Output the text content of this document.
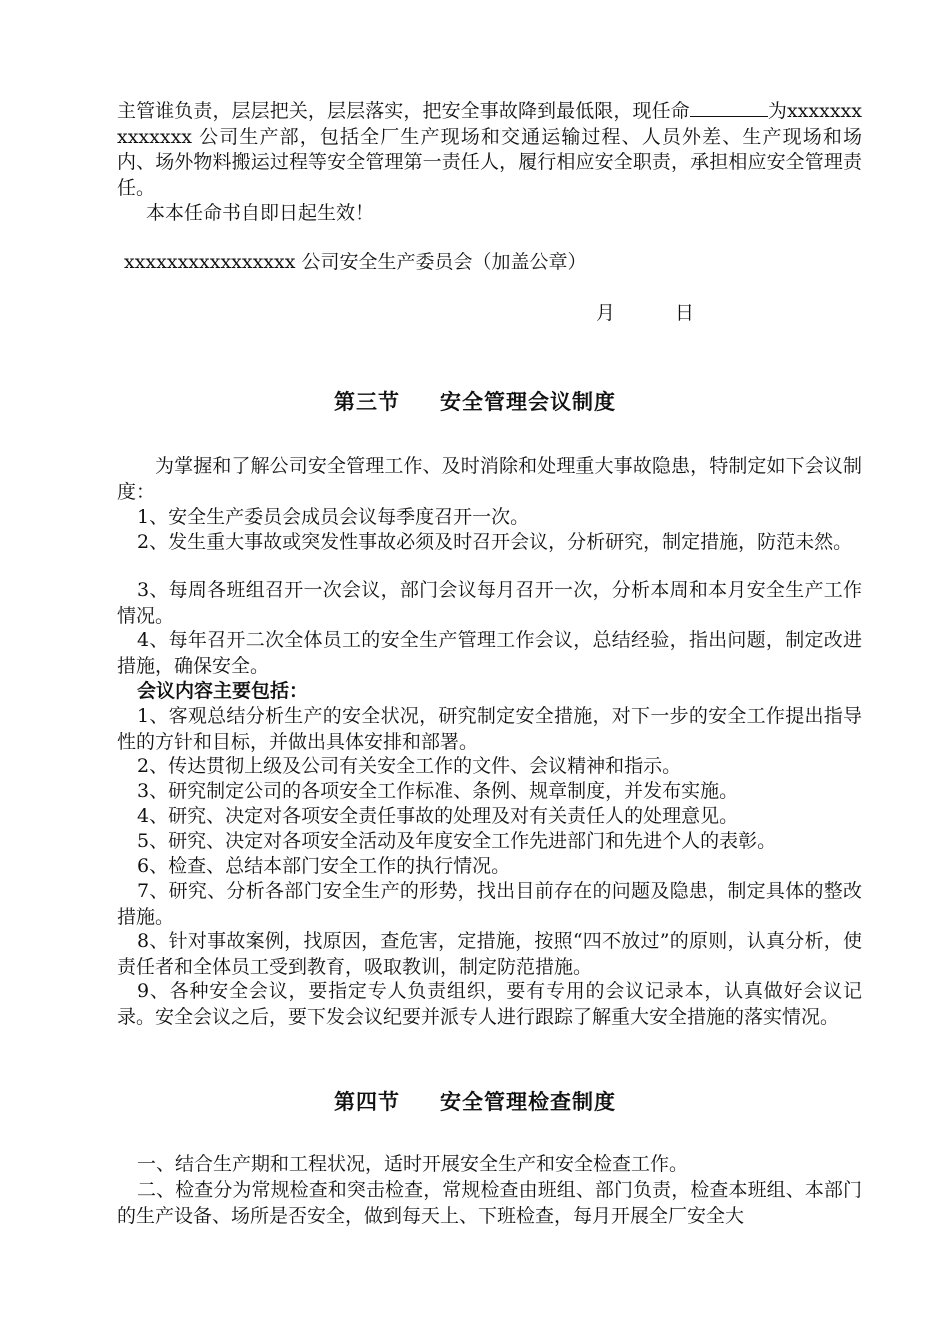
主管谁负责，层层把关，层层落实，把安全事故降到最低限，现任命	为xxxxxxxxxxxxxx 公司生产部，包括全厂生产现场和交通运输过程、人员外差、生产现场和场内、场外物料搬运过程等安全管理第一责任人，履行相应安全职责，承担相应安全管理责任。

本本任命书自即日起生效！

xxxxxxxxxxxxxxxx 公司安全生产委员会（加盖公章）

月	日

第三节 安全管理会议制度

为掌握和了解公司安全管理工作、及时消除和处理重大事故隐患，特制定如下会议制度：

1、安全生产委员会成员会议每季度召开一次。

2、发生重大事故或突发性事故必须及时召开会议，分析研究，制定措施，防范未然。

3、每周各班组召开一次会议，部门会议每月召开一次，分析本周和本月安全生产工作情况。

4、每年召开二次全体员工的安全生产管理工作会议，总结经验，指出问题，制定改进措施，确保安全。

会议内容主要包括：

1、客观总结分析生产的安全状况，研究制定安全措施，对下一步的安全工作提出指导性的方针和目标，并做出具体安排和部署。

2、传达贯彻上级及公司有关安全工作的文件、会议精神和指示。

3、研究制定公司的各项安全工作标准、条例、规章制度，并发布实施。

4、研究、决定对各项安全责任事故的处理及对有关责任人的处理意见。

5、研究、决定对各项安全活动及年度安全工作先进部门和先进个人的表彰。

6、检查、总结本部门安全工作的执行情况。

7、研究、分析各部门安全生产的形势，找出目前存在的问题及隐患，制定具体的整改措施。

8、针对事故案例，找原因，查危害，定措施，按照“四不放过”的原则，认真分析，使责任者和全体员工受到教育，吸取教训，制定防范措施。

9、各种安全会议，要指定专人负责组织，要有专用的会议记录本，认真做好会议记录。安全会议之后，要下发会议纪要并派专人进行跟踪了解重大安全措施的落实情况。

第四节 安全管理检查制度

一、结合生产期和工程状况，适时开展安全生产和安全检查工作。

二、检查分为常规检查和突击检查，常规检查由班组、部门负责，检查本班组、本部门的生产设备、场所是否安全，做到每天上、下班检查，每月开展全厂安全大
